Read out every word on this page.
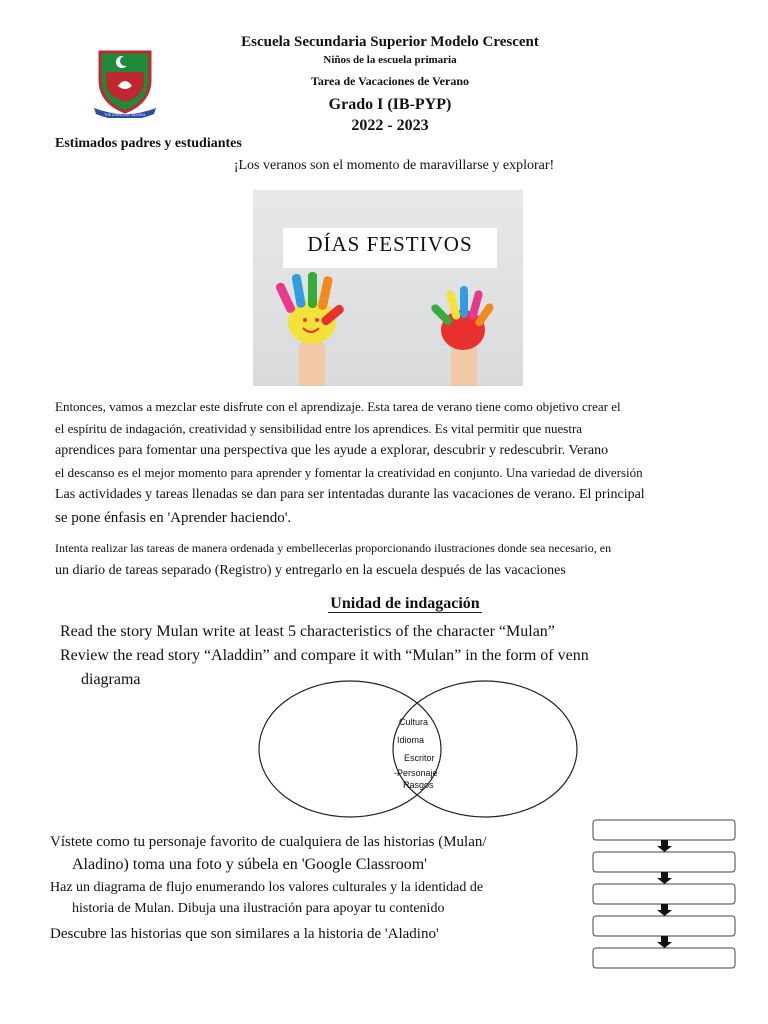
THE CRESCENT SCHOOL
Escuela Secundaria Superior Modelo Crescent
Niños de la escuela primaria
Tarea de Vacaciones de Verano
Grado I (IB-PYP)
2022 - 2023
Estimados padres y estudiantes
¡Los veranos son el momento de maravillarse y explorar!
DÍAS FESTIVOS
Entonces, vamos a mezclar este disfrute con el aprendizaje. Esta tarea de verano tiene como objetivo crear el
el espíritu de indagación, creatividad y sensibilidad entre los aprendices. Es vital permitir que nuestra
aprendices para fomentar una perspectiva que les ayude a explorar, descubrir y redescubrir. Verano
el descanso es el mejor momento para aprender y fomentar la creatividad en conjunto. Una variedad de diversión
Las actividades y tareas llenadas se dan para ser intentadas durante las vacaciones de verano. El principal
se pone énfasis en 'Aprender haciendo'.
Intenta realizar las tareas de manera ordenada y embellecerlas proporcionando ilustraciones donde sea necesario, en
un diario de tareas separado (Registro) y entregarlo en la escuela después de las vacaciones
Unidad de indagación
Read the story Mulan write at least 5 characteristics of the character “Mulan”
Review the read story “Aladdin” and compare it with “Mulan” in the form of venn
diagrama
Cultura
Idioma
Escritor
-Personaje
Rasgos
Vístete como tu personaje favorito de cualquiera de las historias (Mulan/
Aladino) toma una foto y súbela en 'Google Classroom'
Haz un diagrama de flujo enumerando los valores culturales y la identidad de
historia de Mulan. Dibuja una ilustración para apoyar tu contenido
Descubre las historias que son similares a la historia de 'Aladino'
